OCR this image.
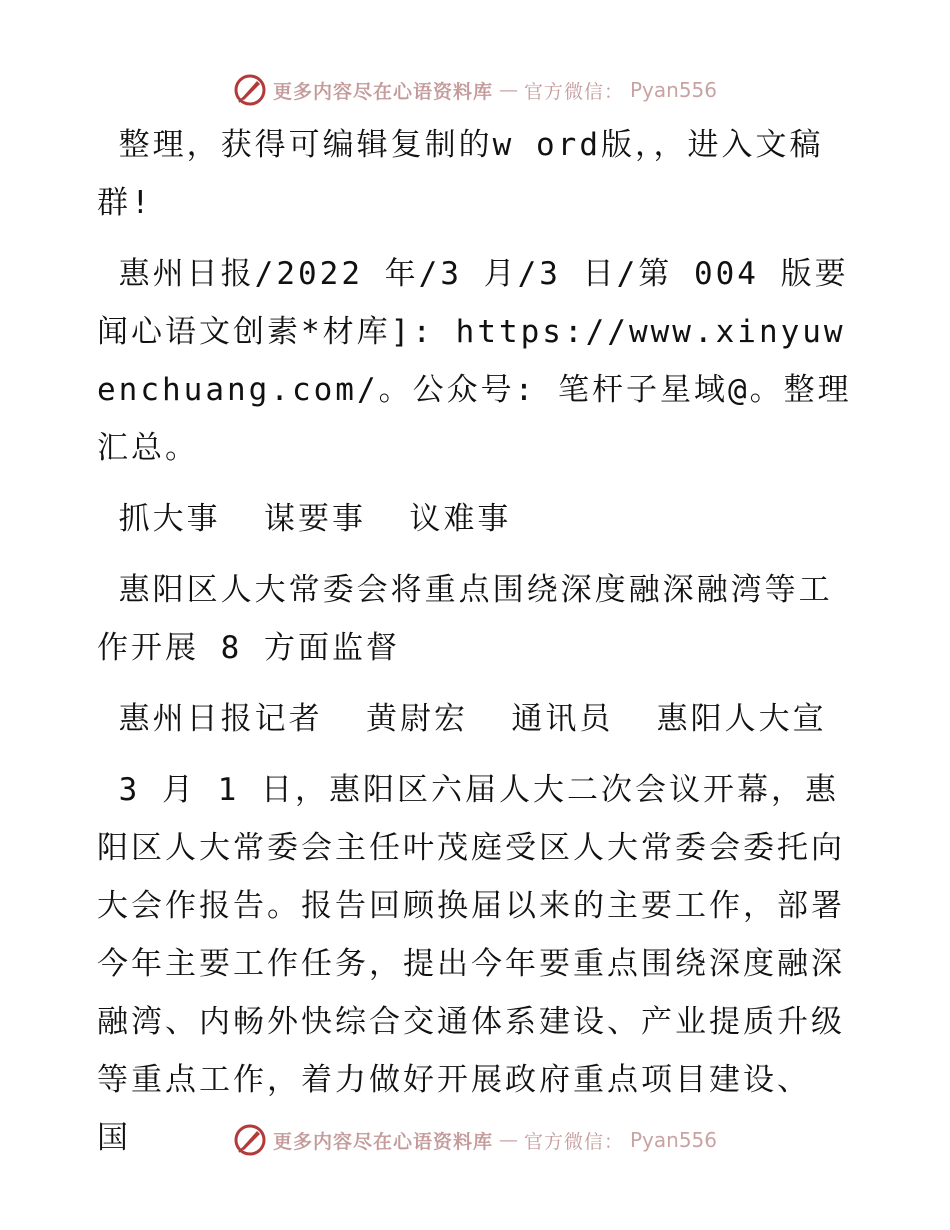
更多内容尽在心语资料库 — 官方微信： Pyan556

整理，获得可编辑复制的w ord版，，进入文稿群!

惠州日报/2022 年/3 月/3 日/第 004 版要闻心语文创素*材库]: https://www.xinyuwenchuang.com/。公众号: 笔杆子星域@。整理汇总。

抓大事  谋要事  议难事

惠阳区人大常委会将重点围绕深度融深融湾等工作开展 8 方面监督

惠州日报记者  黄尉宏  通讯员  惠阳人大宣

3 月 1 日，惠阳区六届人大二次会议开幕，惠阳区人大常委会主任叶茂庭受区人大常委会委托向大会作报告。报告回顾换届以来的主要工作，部署今年主要工作任务，提出今年要重点围绕深度融深融湾、内畅外快综合交通体系建设、产业提质升级等重点工作，着力做好开展政府重点项目建设、 国	更多内容尽在心语资料库 — 官方微信： Pyan556
